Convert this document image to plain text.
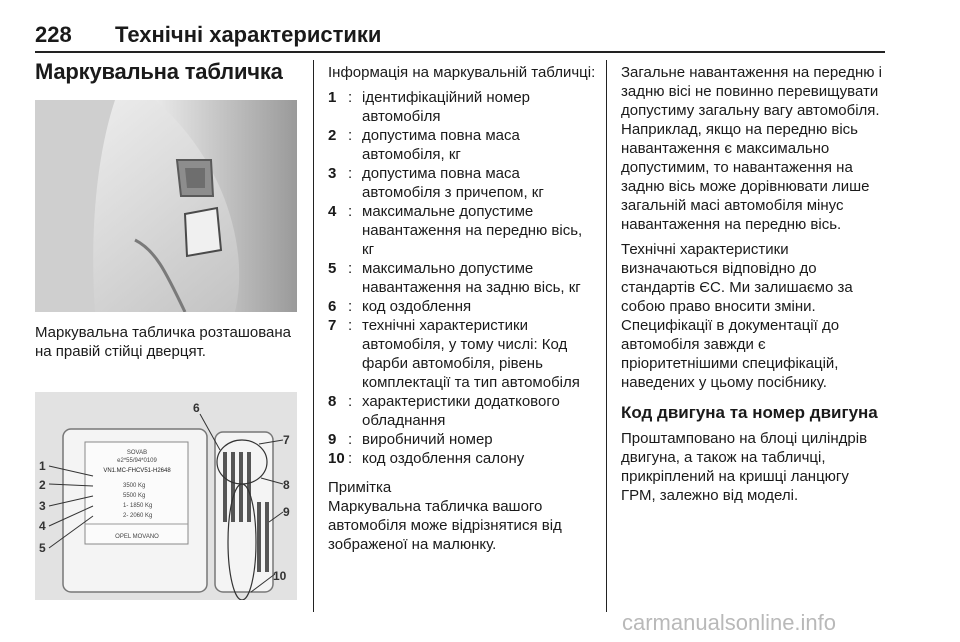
228 Технічні характеристики
Маркувальна табличка

Маркувальна табличка розташована на правій стійці дверцят.

SOVAB
e2*55/94*0109
VN1.MC-FHCV51-H2648
3500 Kg
5500 Kg
1- 1850 Kg
2- 2060 Kg
OPEL MOVANO
1
2
3
4
5
6
7
8
9
10

Інформація на маркувальній табличці:

1 : ідентифікаційний номер автомобіля
2 : допустима повна маса автомобіля, кг
3 : допустима повна маса автомобіля з причепом, кг
4 : максимальне допустиме навантаження на передню вісь, кг
5 : максимально допустиме навантаження на задню вісь, кг
6 : код оздоблення
7 : технічні характеристики автомобіля, у тому числі: Код фарби автомобіля, рівень комплектації та тип автомобіля
8 : характеристики додаткового обладнання
9 : виробничий номер
10 : код оздоблення салону
Примітка

Маркувальна табличка вашого автомобіля може відрізнятися від зображеної на малюнку.

Загальне навантаження на передню і задню вісі не повинно перевищувати допустиму загальну вагу автомобіля. Наприклад, якщо на передню вісь навантаження є максимально допустимим, то навантаження на задню вісь може дорівнювати лише загальній масі автомобіля мінус навантаження на передню вісь.

Технічні характеристики визначаються відповідно до стандартів ЄС. Ми залишаємо за собою право вносити зміни. Специфікації в документації до автомобіля завжди є пріоритетнішими специфікацій, наведених у цьому посібнику.

Код двигуна та номер двигуна

Проштамповано на блоці циліндрів двигуна, а також на табличці, прикріплений на кришці ланцюгу ГРМ, залежно від моделі.

carmanualsonline.info
